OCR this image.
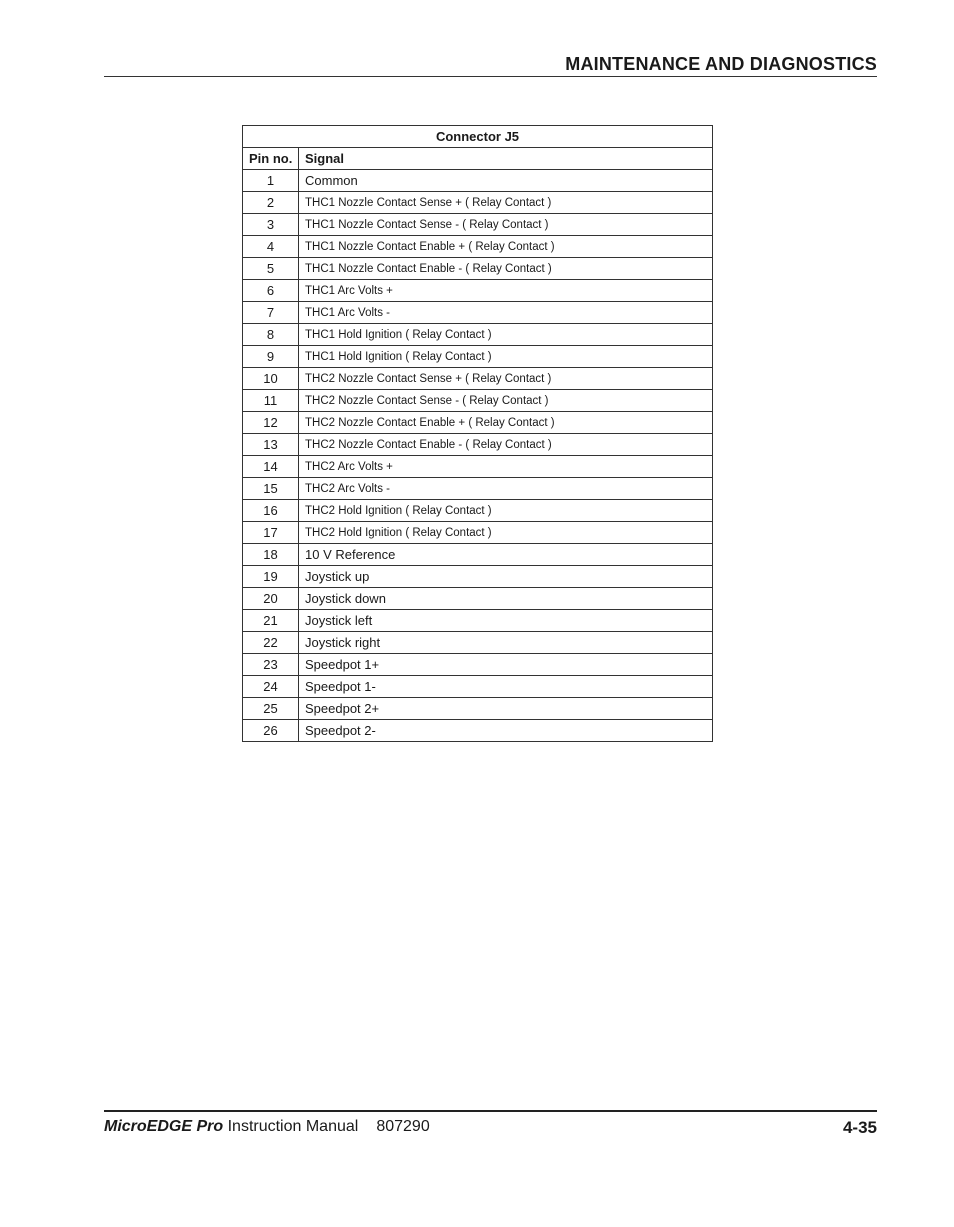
MAINTENANCE AND DIAGNOSTICS
Connector J5	
Pin no.	Signal
1	Common
2	THC1 Nozzle Contact Sense + ( Relay Contact )
3	THC1 Nozzle Contact Sense - ( Relay Contact )
4	THC1 Nozzle Contact Enable + ( Relay Contact )
5	THC1 Nozzle Contact Enable - ( Relay Contact )
6	THC1 Arc Volts +
7	THC1 Arc Volts -
8	THC1 Hold Ignition ( Relay Contact )
9	THC1 Hold Ignition ( Relay Contact )
10	THC2 Nozzle Contact Sense + ( Relay Contact )
11	THC2 Nozzle Contact Sense - ( Relay Contact )
12	THC2 Nozzle Contact Enable + ( Relay Contact )
13	THC2 Nozzle Contact Enable - ( Relay Contact )
14	THC2 Arc Volts +
15	THC2 Arc Volts -
16	THC2 Hold Ignition ( Relay Contact )
17	THC2 Hold Ignition ( Relay Contact )
18	10 V Reference
19	Joystick up
20	Joystick down
21	Joystick left
22	Joystick right
23	Speedpot 1+
24	Speedpot 1-
25	Speedpot 2+
26	Speedpot 2-
MicroEDGE Pro Instruction Manual 807290	4-35
